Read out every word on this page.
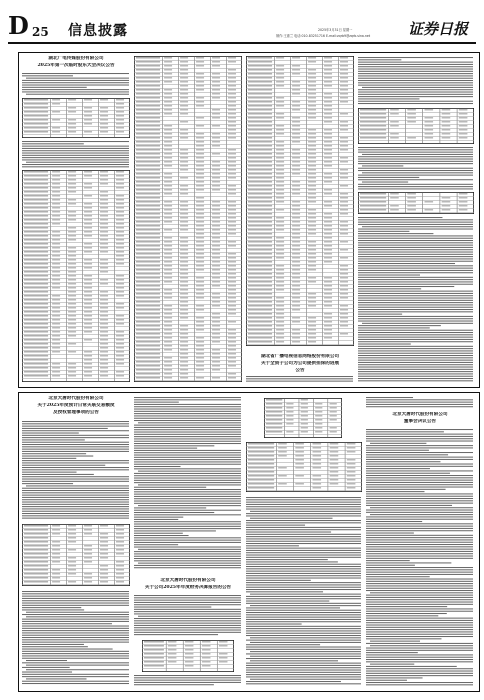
D 25 信息披露	2025年3月31日 星期一
制作:王惠兰 电话:010-83251716 E-mail:zqrb9@zqrb.sina.net	证券日报
湖北广电传媒股份有限公司
2025年第一次临时股东大会决议公告
湖北省广播电视信息网络股份有限公司
关于全资子公司为公司提供担保的进展
公告
北京大唐时代股份有限公司
关于2025年度预计日常关联交易额度
及授权管理事项的公告
北京大唐时代股份有限公司
关于公司2025年年度财务决算报告的公告
北京大唐时代股份有限公司
董事会决议公告
